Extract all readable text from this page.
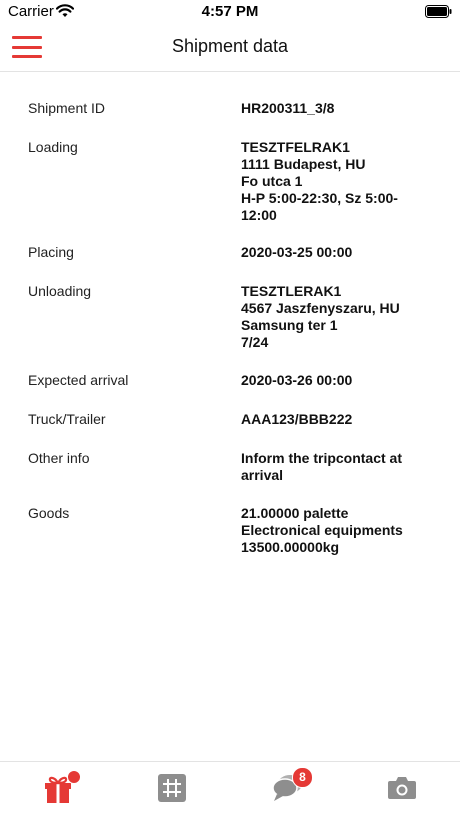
Carrier	4:57 PM
Shipment data
Shipment ID	HR200311_3/8
Loading	TESZTFELRAK1
1111 Budapest, HU
Fo utca 1
H-P 5:00-22:30, Sz 5:00-
12:00
Placing	2020-03-25 00:00
Unloading	TESZTLERAK1
4567 Jaszfenyszaru, HU
Samsung ter 1
7/24
Expected arrival	2020-03-26 00:00
Truck/Trailer	AAA123/BBB222
Other info	Inform the tripcontact at
arrival
Goods	21.00000 palette
Electronical equipments
13500.00000kg
8
